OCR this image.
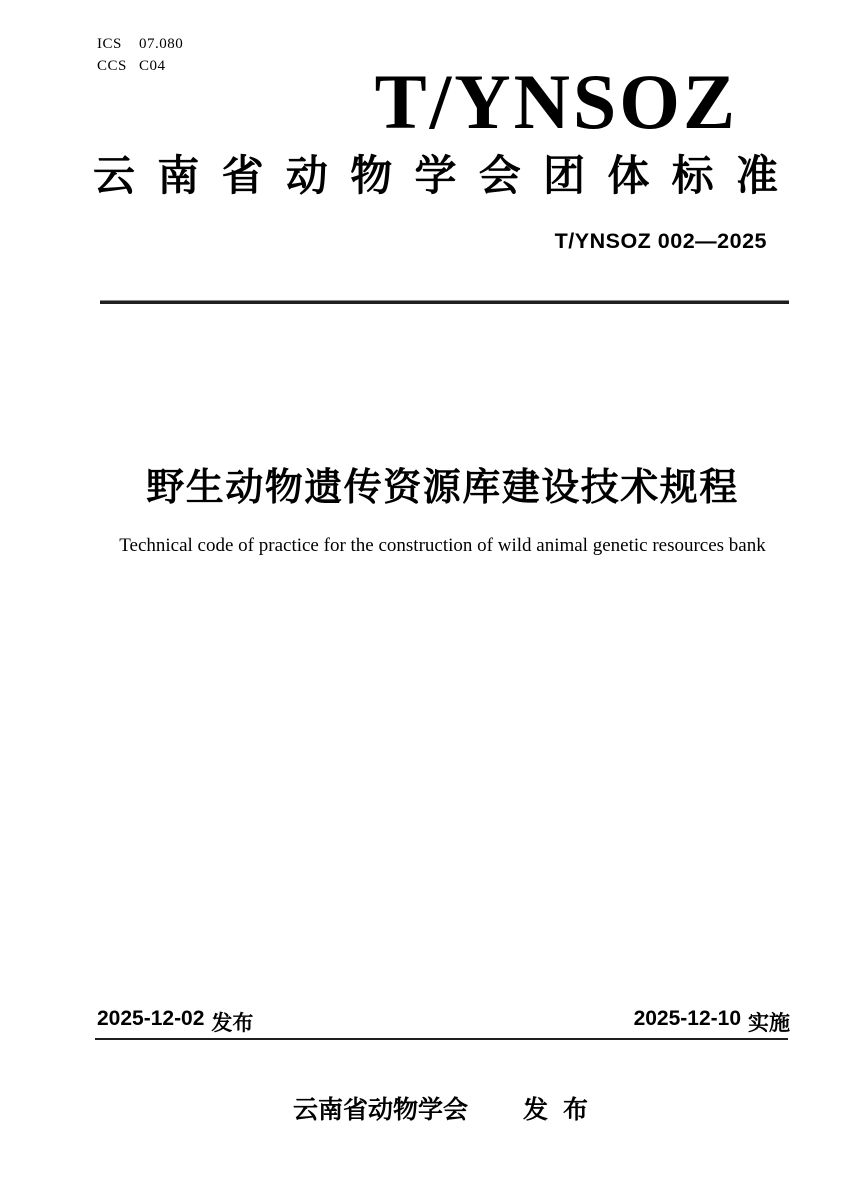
ICS	07.080
CCS C04	T/YNSOZ
云南省动物学会团体标准
T/YNSOZ 002—2025
野生动物遗传资源库建设技术规程
Technical code of practice for the construction of wild animal genetic resources bank
2025-12-02 发布	2025-12-10 实施
云南省动物学会 发 布
